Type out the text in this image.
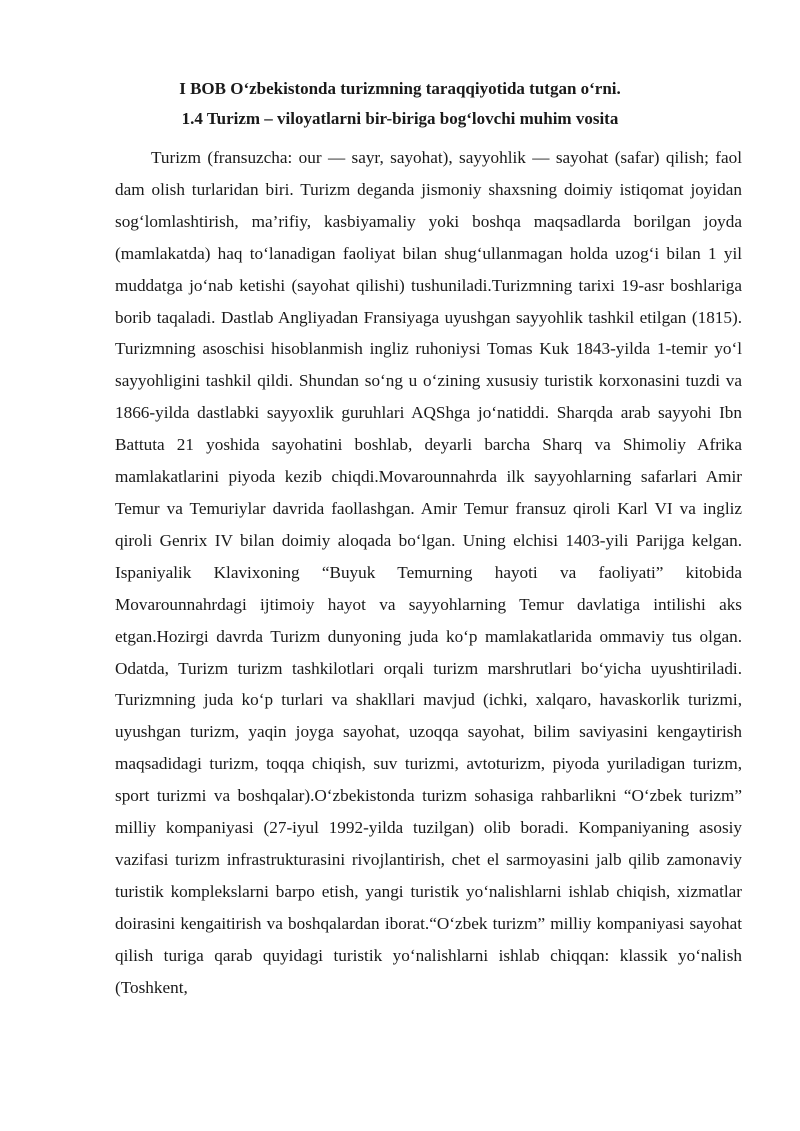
I BOB O‘zbekistonda turizmning taraqqiyotida tutgan o‘rni.
1.4 Turizm – viloyatlarni bir-biriga bog‘lovchi muhim vosita

Turizm (fransuzcha: our — sayr, sayohat), sayyohlik — sayohat (safar) qilish; faol dam olish turlaridan biri. Turizm deganda jismoniy shaxsning doimiy istiqomat joyidan sog‘lomlashtirish, ma’rifiy, kasbiyamaliy yoki boshqa maqsadlarda borilgan joyda (mamlakatda) haq to‘lanadigan faoliyat bilan shug‘ullanmagan holda uzog‘i bilan 1 yil muddatga jo‘nab ketishi (sayohat qilishi) tushuniladi.Turizmning tarixi 19-asr boshlariga borib taqaladi. Dastlab Angliyadan Fransiyaga uyushgan sayyohlik tashkil etilgan (1815). Turizmning asoschisi hisoblanmish ingliz ruhoniysi Tomas Kuk 1843-yilda 1-temir yo‘l sayyohligini tashkil qildi. Shundan so‘ng u o‘zining xususiy turistik korxonasini tuzdi va 1866-yilda dastlabki sayyoxlik guruhlari AQShga jo‘natiddi. Sharqda arab sayyohi Ibn Battuta 21 yoshida sayohatini boshlab, deyarli barcha Sharq va Shimoliy Afrika mamlakatlarini piyoda kezib chiqdi.Movarounnahrda ilk sayyohlarning safarlari Amir Temur va Temuriylar davrida faollashgan. Amir Temur fransuz qiroli Karl VI va ingliz qiroli Genrix IV bilan doimiy aloqada bo‘lgan. Uning elchisi 1403-yili Parijga kelgan. Ispaniyalik Klavixoning “Buyuk Temurning hayoti va faoliyati” kitobida Movarounnahrdagi ijtimoiy hayot va sayyohlarning Temur davlatiga intilishi aks etgan.Hozirgi davrda Turizm dunyoning juda ko‘p mamlakatlarida ommaviy tus olgan. Odatda, Turizm turizm tashkilotlari orqali turizm marshrutlari bo‘yicha uyushtiriladi. Turizmning juda ko‘p turlari va shakllari mavjud (ichki, xalqaro, havaskorlik turizmi, uyushgan turizm, yaqin joyga sayohat, uzoqqa sayohat, bilim saviyasini kengaytirish maqsadidagi turizm, toqqa chiqish, suv turizmi, avtoturizm, piyoda yuriladigan turizm, sport turizmi va boshqalar).O‘zbekistonda turizm sohasiga rahbarlikni “O‘zbek turizm” milliy kompaniyasi (27-iyul 1992-yilda tuzilgan) olib boradi. Kompaniyaning asosiy vazifasi turizm infrastrukturasini rivojlantirish, chet el sarmoyasini jalb qilib zamonaviy turistik komplekslarni barpo etish, yangi turistik yo‘nalishlarni ishlab chiqish, xizmatlar doirasini kengaitirish va boshqalardan iborat.“O‘zbek turizm” milliy kompaniyasi sayohat qilish turiga qarab quyidagi turistik yo‘nalishlarni ishlab chiqqan: klassik yo‘nalish (Toshkent,
